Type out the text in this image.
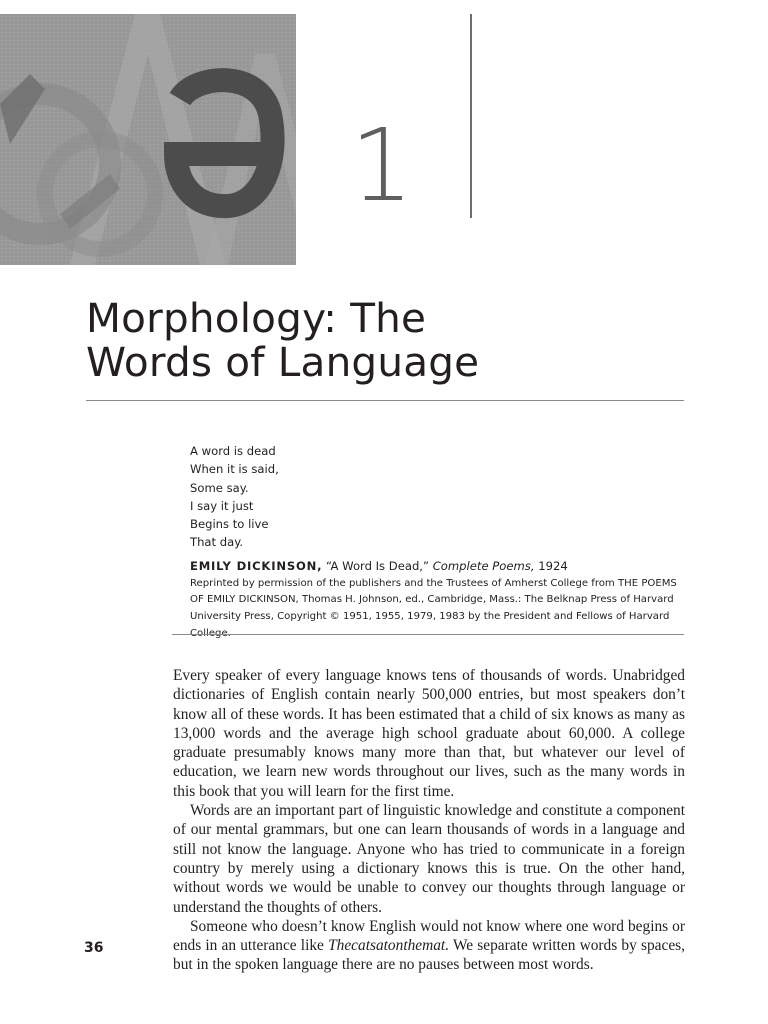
1
Morphology: The
Words of Language
A word is dead
When it is said,
Some say.
I say it just
Begins to live
That day.
EMILY DICKINSON, “A Word Is Dead,” Complete Poems, 1924
Reprinted by permission of the publishers and the Trustees of Amherst College from THE POEMS
OF EMILY DICKINSON, Thomas H. Johnson, ed., Cambridge, Mass.: The Belknap Press of Harvard
University Press, Copyright © 1951, 1955, 1979, 1983 by the President and Fellows of Harvard

Every speaker of every language knows tens of thousands of words. Unabridged dictionaries of English contain nearly 500,000 entries, but most speakers don’t know all of these words. It has been estimated that a child of six knows as many as 13,000 words and the average high school graduate about 60,000. A college graduate presumably knows many more than that, but whatever our level of education, we learn new words throughout our lives, such as the many words in this book that you will learn for the first time.

Words are an important part of linguistic knowledge and constitute a component of our mental grammars, but one can learn thousands of words in a language and still not know the language. Anyone who has tried to communicate in a foreign country by merely using a dictionary knows this is true. On the other hand, without words we would be unable to convey our thoughts through language or understand the thoughts of others.

Someone who doesn’t know English would not know where one word begins or ends in an utterance like Thecatsatonthemat. We separate written words by spaces, but in the spoken language there are no pauses between most words.

36
